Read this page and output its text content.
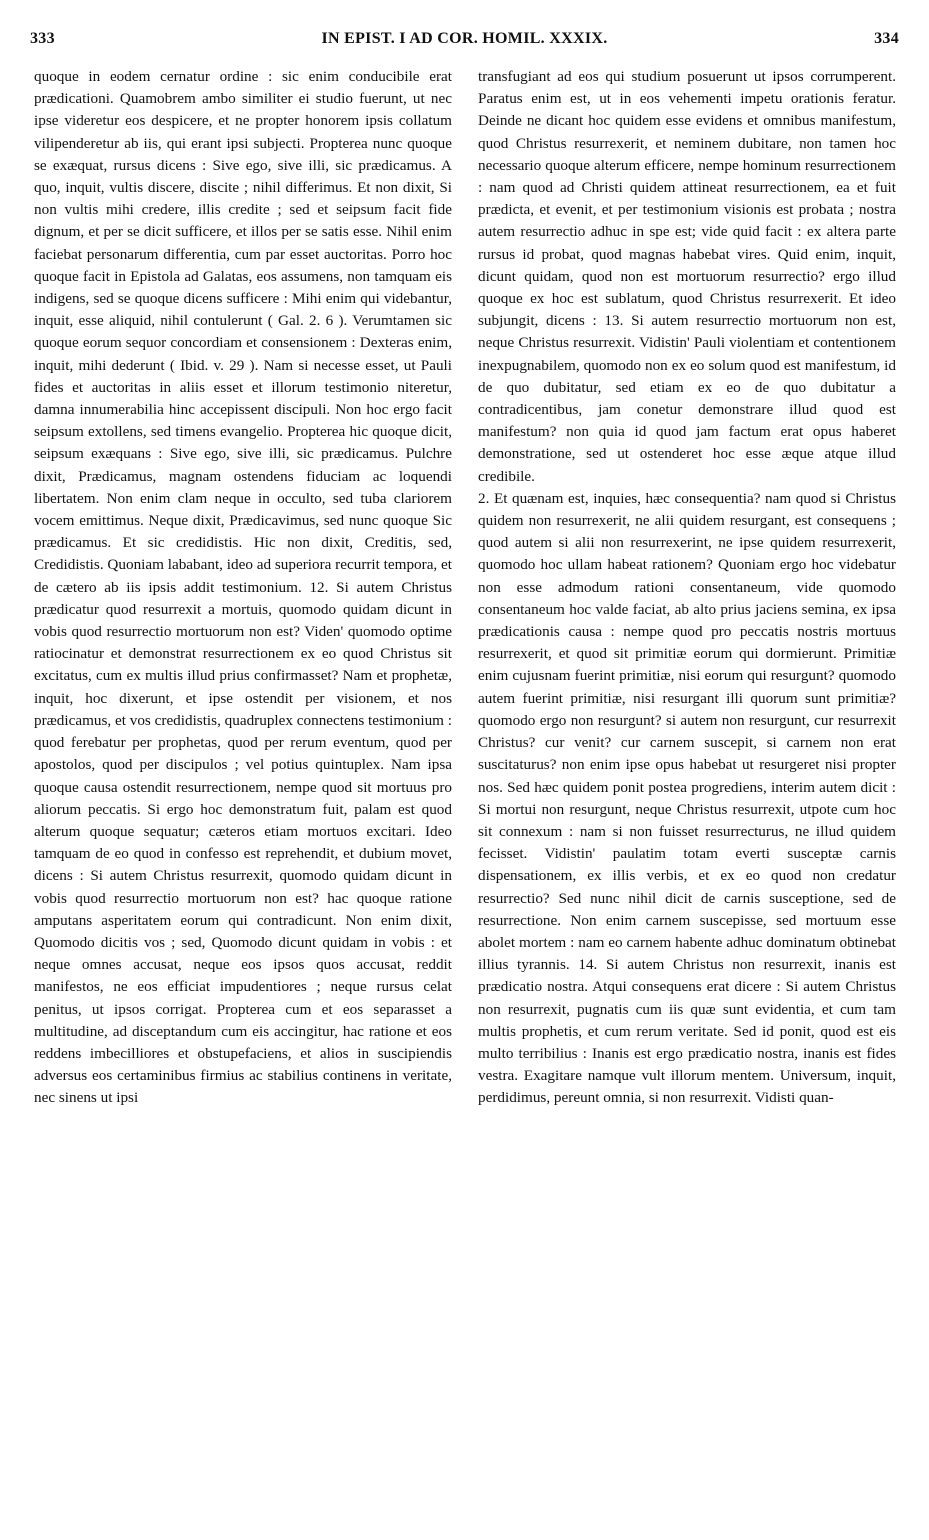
333	IN EPIST. I AD COR. HOMIL. XXXIX.	334

quoque in eodem cernatur ordine : sic enim conducibile erat prædicationi. Quamobrem ambo similiter ei studio fuerunt, ut nec ipse videretur eos despicere, et ne propter honorem ipsis collatum vilipenderetur ab iis, qui erant ipsi subjecti. Propterea nunc quoque se exæquat, rursus dicens : Sive ego, sive illi, sic prædicamus. A quo, inquit, vultis discere, discite ; nihil differimus. Et non dixit, Si non vultis mihi credere, illis credite ; sed et seipsum facit fide dignum, et per se dicit sufficere, et illos per se satis esse. Nihil enim faciebat personarum differentia, cum par esset auctoritas. Porro hoc quoque facit in Epistola ad Galatas, eos assumens, non tamquam eis indigens, sed se quoque dicens sufficere : Mihi enim qui videbantur, inquit, esse aliquid, nihil contulerunt ( Gal. 2. 6 ). Verumtamen sic quoque eorum sequor concordiam et consensionem : Dexteras enim, inquit, mihi dederunt ( Ibid. v. 29 ). Nam si necesse esset, ut Pauli fides et auctoritas in aliis esset et illorum testimonio niteretur, damna innumerabilia hinc accepissent discipuli. Non hoc ergo facit seipsum extollens, sed timens evangelio. Propterea hic quoque dicit, seipsum exæquans : Sive ego, sive illi, sic prædicamus. Pulchre dixit, Prædicamus, magnam ostendens fiduciam ac loquendi libertatem. Non enim clam neque in occulto, sed tuba clariorem vocem emittimus. Neque dixit, Prædicavimus, sed nunc quoque Sic prædicamus. Et sic credidistis. Hic non dixit, Creditis, sed, Credidistis. Quoniam lababant, ideo ad superiora recurrit tempora, et de cætero ab iis ipsis addit testimonium. 12. Si autem Christus prædicatur quod resurrexit a mortuis, quomodo quidam dicunt in vobis quod resurrectio mortuorum non est? Viden' quomodo optime ratiocinatur et demonstrat resurrectionem ex eo quod Christus sit excitatus, cum ex multis illud prius confirmasset? Nam et prophetæ, inquit, hoc dixerunt, et ipse ostendit per visionem, et nos prædicamus, et vos credidistis, quadruplex connectens testimonium : quod ferebatur per prophetas, quod per rerum eventum, quod per apostolos, quod per discipulos ; vel potius quintuplex. Nam ipsa quoque causa ostendit resurrectionem, nempe quod sit mortuus pro aliorum peccatis. Si ergo hoc demonstratum fuit, palam est quod alterum quoque sequatur; cæteros etiam mortuos excitari. Ideo tamquam de eo quod in confesso est reprehendit, et dubium movet, dicens : Si autem Christus resurrexit, quomodo quidam dicunt in vobis quod resurrectio mortuorum non est? hac quoque ratione amputans asperitatem eorum qui contradicunt. Non enim dixit, Quomodo dicitis vos ; sed, Quomodo dicunt quidam in vobis : et neque omnes accusat, neque eos ipsos quos accusat, reddit manifestos, ne eos efficiat impudentiores ; neque rursus celat penitus, ut ipsos corrigat. Propterea cum et eos separasset a multitudine, ad disceptandum cum eis accingitur, hac ratione et eos reddens imbecilliores et obstupefaciens, et alios in suscipiendis adversus eos certaminibus firmius ac stabilius continens in veritate, nec sinens ut ipsi

transfugiant ad eos qui studium posuerunt ut ipsos corrumperent. Paratus enim est, ut in eos vehementi impetu orationis feratur. Deinde ne dicant hoc quidem esse evidens et omnibus manifestum, quod Christus resurrexerit, et neminem dubitare, non tamen hoc necessario quoque alterum efficere, nempe hominum resurrectionem : nam quod ad Christi quidem attineat resurrectionem, ea et fuit prædicta, et evenit, et per testimonium visionis est probata ; nostra autem resurrectio adhuc in spe est; vide quid facit : ex altera parte rursus id probat, quod magnas habebat vires. Quid enim, inquit, dicunt quidam, quod non est mortuorum resurrectio? ergo illud quoque ex hoc est sublatum, quod Christus resurrexerit. Et ideo subjungit, dicens : 13. Si autem resurrectio mortuorum non est, neque Christus resurrexit. Vidistin' Pauli violentiam et contentionem inexpugnabilem, quomodo non ex eo solum quod est manifestum, id de quo dubitatur, sed etiam ex eo de quo dubitatur a contradicentibus, jam conetur demonstrare illud quod est manifestum? non quia id quod jam factum erat opus haberet demonstratione, sed ut ostenderet hoc esse æque atque illud credibile.

2. Et quænam est, inquies, hæc consequentia? nam quod si Christus quidem non resurrexerit, ne alii quidem resurgant, est consequens ; quod autem si alii non resurrexerint, ne ipse quidem resurrexerit, quomodo hoc ullam habeat rationem? Quoniam ergo hoc videbatur non esse admodum rationi consentaneum, vide quomodo consentaneum hoc valde faciat, ab alto prius jaciens semina, ex ipsa prædicationis causa : nempe quod pro peccatis nostris mortuus resurrexerit, et quod sit primitiæ eorum qui dormierunt. Primitiæ enim cujusnam fuerint primitiæ, nisi eorum qui resurgunt? quomodo autem fuerint primitiæ, nisi resurgant illi quorum sunt primitiæ? quomodo ergo non resurgunt? si autem non resurgunt, cur resurrexit Christus? cur venit? cur carnem suscepit, si carnem non erat suscitaturus? non enim ipse opus habebat ut resurgeret nisi propter nos. Sed hæc quidem ponit postea progrediens, interim autem dicit : Si mortui non resurgunt, neque Christus resurrexit, utpote cum hoc sit connexum : nam si non fuisset resurrecturus, ne illud quidem fecisset. Vidistin' paulatim totam everti susceptæ carnis dispensationem, ex illis verbis, et ex eo quod non credatur resurrectio? Sed nunc nihil dicit de carnis susceptione, sed de resurrectione. Non enim carnem suscepisse, sed mortuum esse abolet mortem : nam eo carnem habente adhuc dominatum obtinebat illius tyrannis. 14. Si autem Christus non resurrexit, inanis est prædicatio nostra. Atqui consequens erat dicere : Si autem Christus non resurrexit, pugnatis cum iis quæ sunt evidentia, et cum tam multis prophetis, et cum rerum veritate. Sed id ponit, quod est eis multo terribilius : Inanis est ergo prædicatio nostra, inanis est fides vestra. Exagitare namque vult illorum mentem. Universum, inquit, perdidimus, pereunt omnia, si non resurrexit. Vidisti quan-
